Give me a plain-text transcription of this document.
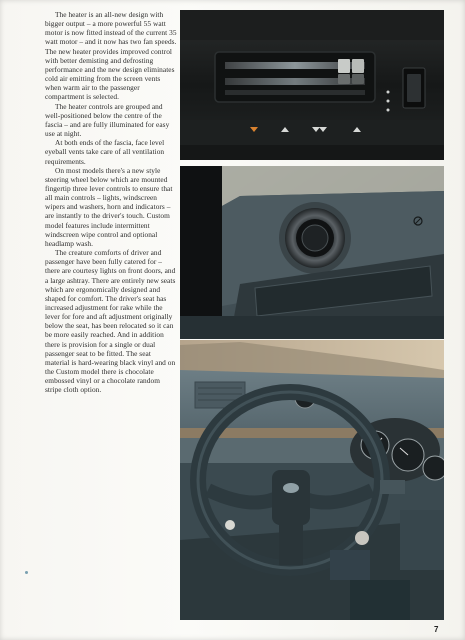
The heater is an all-new design with bigger output – a more powerful 55 watt motor is now fitted instead of the current 35 watt motor – and it now has two fan speeds. The new heater provides improved control with better demisting and defrosting performance and the new design eliminates cold air emitting from the screen vents when warm air to the passenger compartment is selected.

The heater controls are grouped and well-positioned below the centre of the fascia – and are fully illuminated for easy use at night.

At both ends of the fascia, face level eyeball vents take care of all ventilation requirements.

On most models there's a new style steering wheel below which are mounted fingertip three lever controls to ensure that all main controls – lights, windscreen wipers and washers, horn and indicators – are instantly to the driver's touch. Custom model features include intermittent windscreen wipe control and optional headlamp wash.

The creature comforts of driver and passenger have been fully catered for – there are courtesy lights on front doors, and a large ashtray. There are entirely new seats which are ergonomically designed and shaped for comfort. The driver's seat has increased adjustment for rake while the lever for fore and aft adjustment originally below the seat, has been relocated so it can be more easily reached. And in addition there is provision for a single or dual passenger seat to be fitted. The seat material is hard-wearing black vinyl and on the Custom model there is chocolate embossed vinyl or a chocolate random stripe cloth option.

7
